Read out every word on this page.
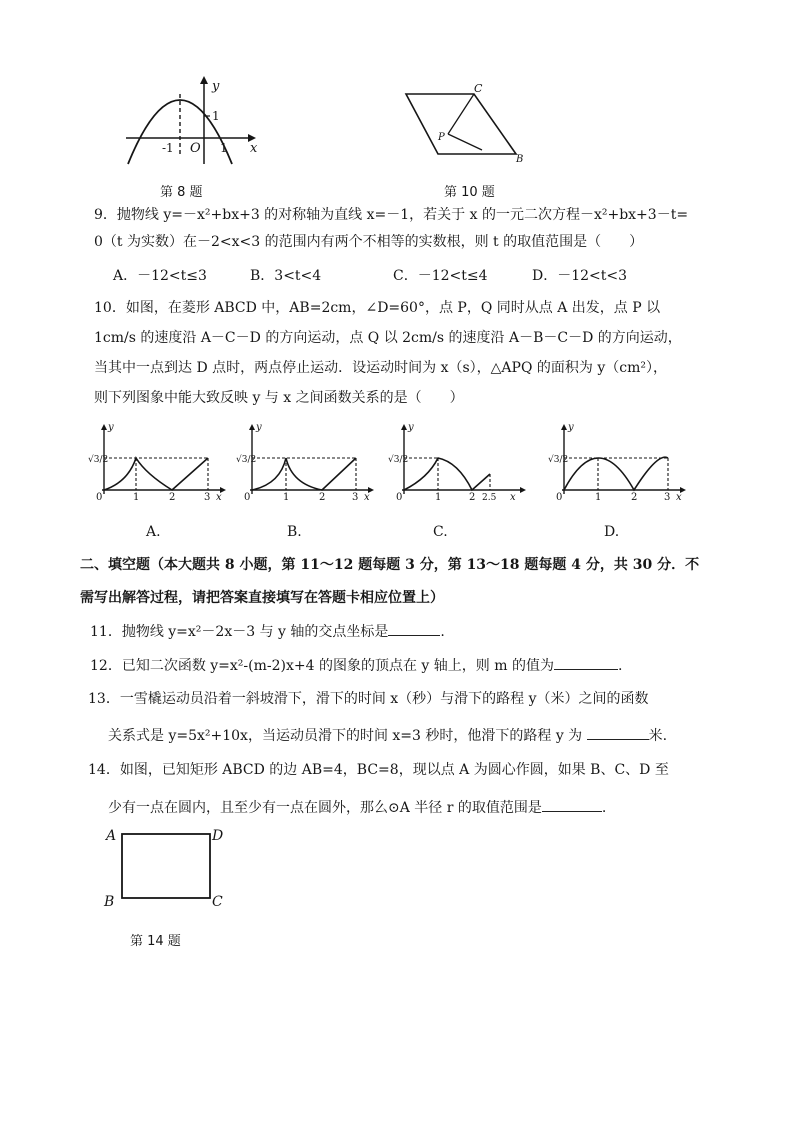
y
x
O
-1	1
1
第 8 题
C
B
P
第 10 题
9．抛物线 y=－x²+bx+3 的对称轴为直线 x=－1，若关于 x 的一元二次方程－x²+bx+3－t=
0（t 为实数）在－2<x<3 的范围内有两个不相等的实数根，则 t 的取值范围是（　　）
A．－12<t≤3	B．3<t<4	C．－12<t≤4	D．－12<t<3
10．如图，在菱形 ABCD 中，AB=2cm，∠D=60°，点 P，Q 同时从点 A 出发，点 P 以
1cm/s 的速度沿 A－C－D 的方向运动，点 Q 以 2cm/s 的速度沿 A－B－C－D 的方向运动，
当其中一点到达 D 点时，两点停止运动．设运动时间为 x（s），△APQ 的面积为 y（cm²），
则下列图象中能大致反映 y 与 x 之间函数关系的是（　　）
y
√3/2
0	1	2	3 x
y
√3/2
0	1	2	3 x
y
√3/2
0	1	2 2.5 x
y
√3/2
0	1	2	3 x
A.	B.	C.	D.
二、填空题（本大题共 8 小题，第 11～12 题每题 3 分，第 13～18 题每题 4 分，共 30 分．不
需写出解答过程，请把答案直接填写在答题卡相应位置上）
11．抛物线 y=x²－2x－3 与 y 轴的交点坐标是	.
12．已知二次函数 y=x²-(m-2)x+4 的图象的顶点在 y 轴上，则 m 的值为	.
13．一雪橇运动员沿着一斜坡滑下，滑下的时间 x（秒）与滑下的路程 y（米）之间的函数
关系式是 y=5x²+10x，当运动员滑下的时间 x=3 秒时，他滑下的路程 y 为	米.
14．如图，已知矩形 ABCD 的边 AB=4，BC=8，现以点 A 为圆心作圆，如果 B、C、D 至
少有一点在圆内，且至少有一点在圆外，那么⊙A 半径 r 的取值范围是	.
A	D
B	C
第 14 题
